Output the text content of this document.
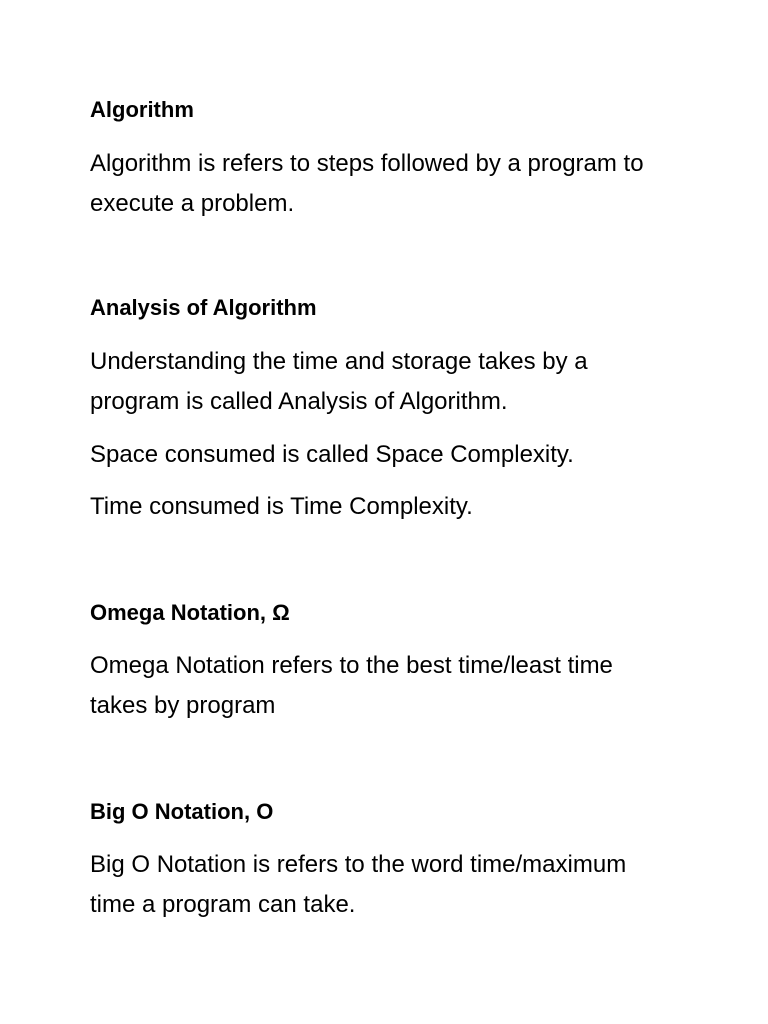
Algorithm
Algorithm is refers to steps followed by a program to
execute a problem.
Analysis of Algorithm
Understanding the time and storage takes by a
program is called Analysis of Algorithm.
Space consumed is called Space Complexity.
Time consumed is Time Complexity.
Omega Notation, Ω
Omega Notation refers to the best time/least time
takes by program
Big O Notation, O
Big O Notation is refers to the word time/maximum
time a program can take.
